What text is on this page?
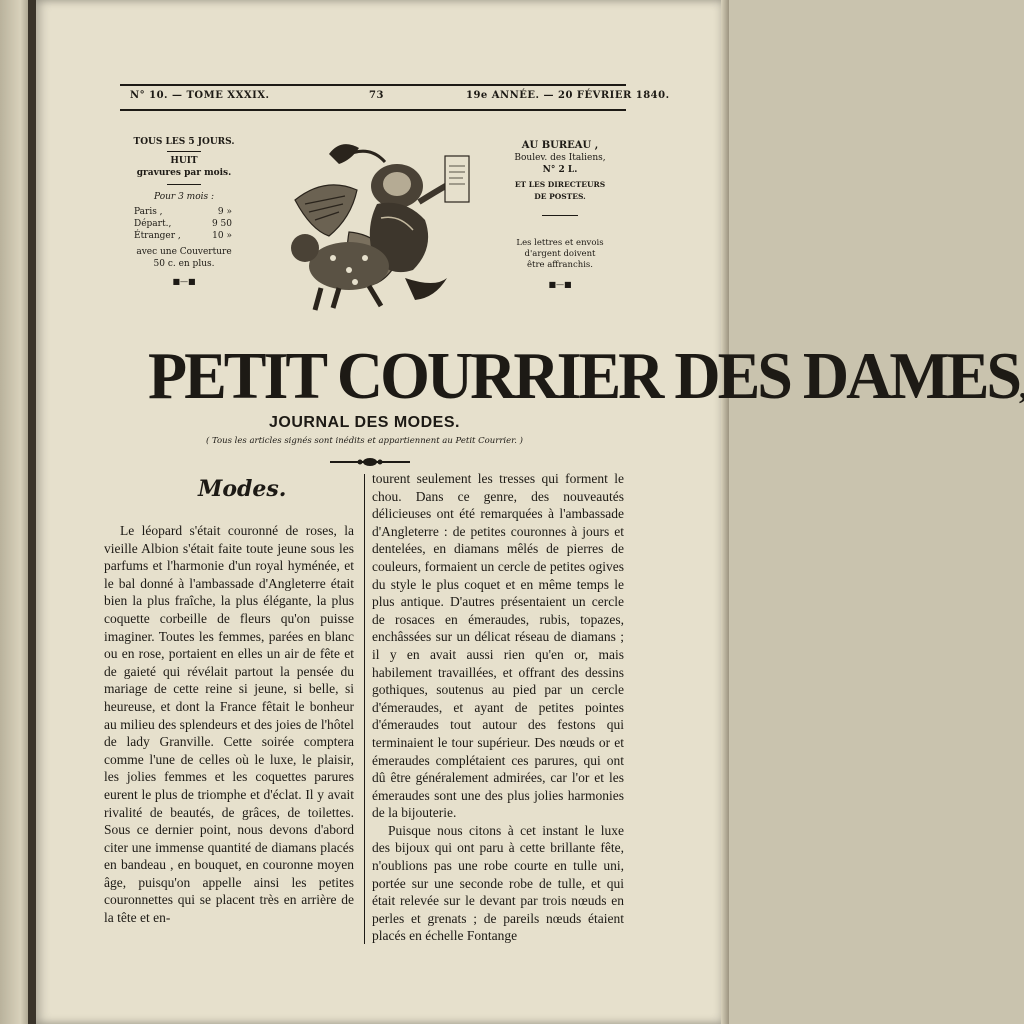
N° 10. — TOME XXXIX.	73	19e ANNÉE. — 20 FÉVRIER 1840.
TOUS LES 5 JOURS.
HUIT
gravures par mois.
Pour 3 mois :
Paris ,	9 »
Départ.,	9 50
Étranger ,	10 »
avec une Couverture
50 c. en plus.
■—■
AU BUREAU ,
Boulev. des Italiens,
N° 2 L.
ET LES DIRECTEURS
DE POSTES.
Les lettres et envois
d'argent doivent
être affranchis.
■—■
PETIT COURRIER DES DAMES,
JOURNAL DES MODES.
( Tous les articles signés sont inédits et appartiennent au Petit Courrier. )
Modes.

Le léopard s'était couronné de roses, la vieille Albion s'était faite toute jeune sous les parfums et l'harmonie d'un royal hyménée, et le bal donné à l'ambassade d'Angleterre était bien la plus fraîche, la plus élégante, la plus coquette corbeille de fleurs qu'on puisse imaginer. Toutes les femmes, parées en blanc ou en rose, portaient en elles un air de fête et de gaieté qui révélait partout la pensée du mariage de cette reine si jeune, si belle, si heureuse, et dont la France fêtait le bonheur au milieu des splendeurs et des joies de l'hôtel de lady Granville. Cette soirée comptera comme l'une de celles où le luxe, le plaisir, les jolies femmes et les coquettes parures eurent le plus de triomphe et d'éclat. Il y avait rivalité de beautés, de grâces, de toilettes. Sous ce dernier point, nous devons d'abord citer une immense quantité de diamans placés en bandeau , en bouquet, en couronne moyen âge, puisqu'on appelle ainsi les petites couronnettes qui se placent très en arrière de la tête et en-

tourent seulement les tresses qui forment le chou. Dans ce genre, des nouveautés délicieuses ont été remarquées à l'ambassade d'Angleterre : de petites couronnes à jours et dentelées, en diamans mêlés de pierres de couleurs, formaient un cercle de petites ogives du style le plus coquet et en même temps le plus antique. D'autres présentaient un cercle de rosaces en émeraudes, rubis, topazes, enchâssées sur un délicat réseau de diamans ; il y en avait aussi rien qu'en or, mais habilement travaillées, et offrant des dessins gothiques, soutenus au pied par un cercle d'émeraudes, et ayant de petites pointes d'émeraudes tout autour des festons qui terminaient le tour supérieur. Des nœuds or et émeraudes complétaient ces parures, qui ont dû être généralement admirées, car l'or et les émeraudes sont une des plus jolies harmonies de la bijouterie.

Puisque nous citons à cet instant le luxe des bijoux qui ont paru à cette brillante fête, n'oublions pas une robe courte en tulle uni, portée sur une seconde robe de tulle, et qui était relevée sur le devant par trois nœuds en perles et grenats ; de pareils nœuds étaient placés en échelle Fontange
